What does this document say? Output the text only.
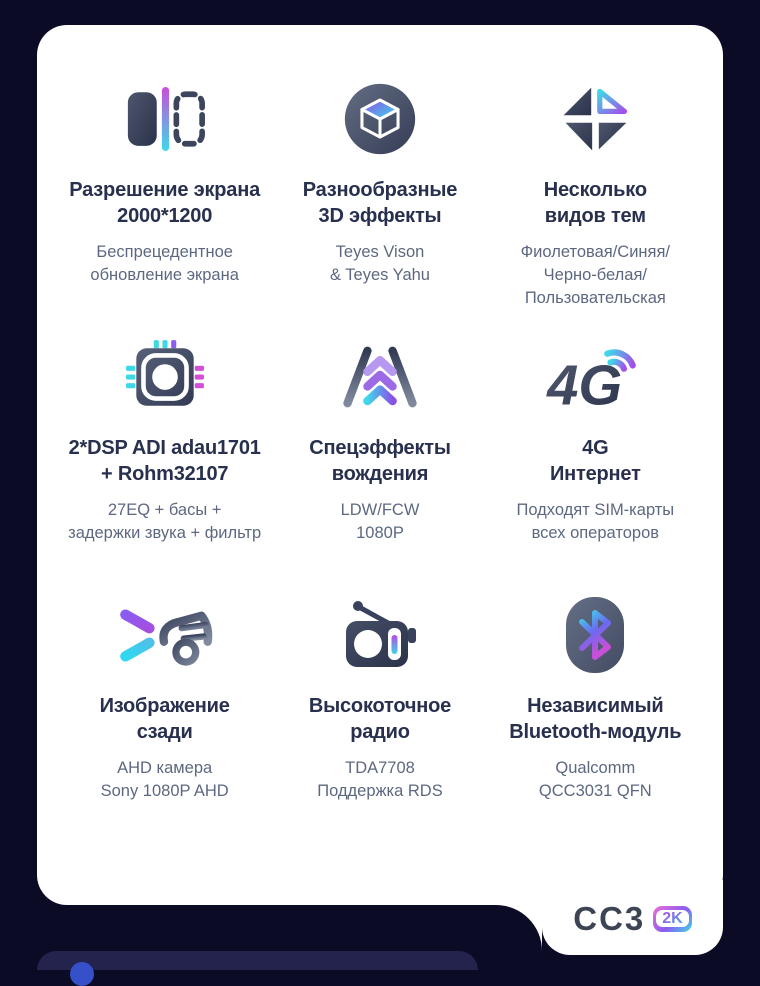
Разрешение экрана
2000*1200
Беспрецедентное
обновление экрана
Разнообразные
3D эффекты
Teyes Vison
& Teyes Yahu
Несколько
видов тем
Фиолетовая/Синяя/
Черно-белая/
Пользовательская
2*DSP ADI adau1701
+ Rohm32107
27EQ + басы +
задержки звука + фильтр
Спецэффекты
вождения
LDW/FCW
1080P
4G
4G
Интернет
Подходят SIM-карты
всех операторов
Изображение
сзади
AHD камера
Sony 1080P AHD
Высокоточное
радио
TDA7708
Поддержка RDS
Независимый
Bluetooth-модуль
Qualcomm
QCC3031 QFN
CC3	2K
